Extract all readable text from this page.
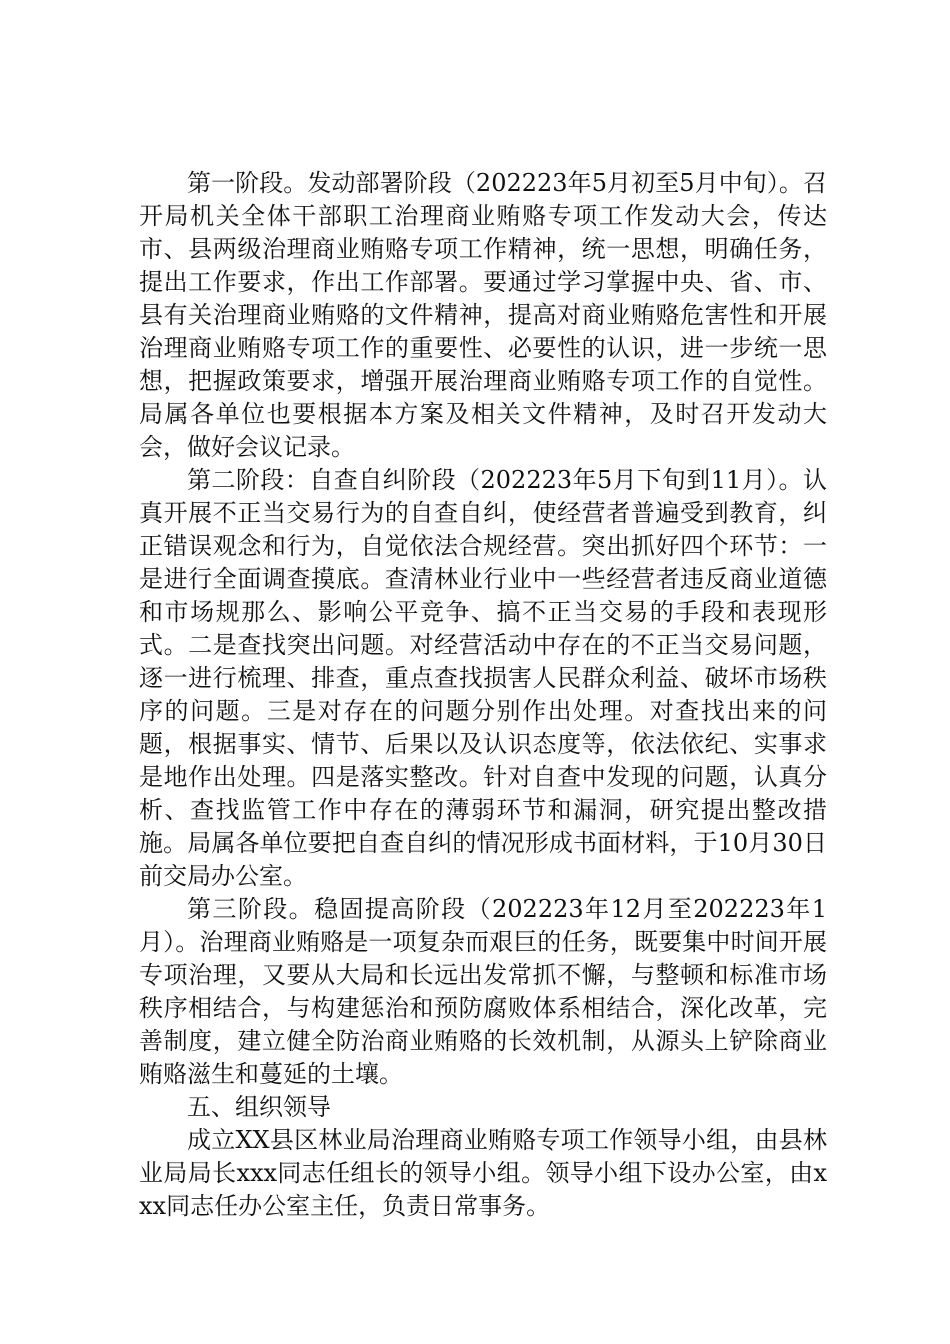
第一阶段。发动部署阶段（202223年5月初至5月中旬）。召开局机关全体干部职工治理商业贿赂专项工作发动大会，传达市、县两级治理商业贿赂专项工作精神，统一思想，明确任务，提出工作要求，作出工作部署。要通过学习掌握中央、省、市、县有关治理商业贿赂的文件精神，提高对商业贿赂危害性和开展治理商业贿赂专项工作的重要性、必要性的认识，进一步统一思想，把握政策要求，增强开展治理商业贿赂专项工作的自觉性。局属各单位也要根据本方案及相关文件精神，及时召开发动大会，做好会议记录。

第二阶段：自查自纠阶段（202223年5月下旬到11月）。认真开展不正当交易行为的自查自纠，使经营者普遍受到教育，纠正错误观念和行为，自觉依法合规经营。突出抓好四个环节：一是进行全面调查摸底。查清林业行业中一些经营者违反商业道德和市场规那么、影响公平竞争、搞不正当交易的手段和表现形式。二是查找突出问题。对经营活动中存在的不正当交易问题，逐一进行梳理、排查，重点查找损害人民群众利益、破坏市场秩序的问题。三是对存在的问题分别作出处理。对查找出来的问题，根据事实、情节、后果以及认识态度等，依法依纪、实事求是地作出处理。四是落实整改。针对自查中发现的问题，认真分析、查找监管工作中存在的薄弱环节和漏洞，研究提出整改措施。局属各单位要把自查自纠的情况形成书面材料，于10月30日前交局办公室。

第三阶段。稳固提高阶段（202223年12月至202223年1月）。治理商业贿赂是一项复杂而艰巨的任务，既要集中时间开展专项治理，又要从大局和长远出发常抓不懈，与整顿和标准市场秩序相结合，与构建惩治和预防腐败体系相结合，深化改革，完善制度，建立健全防治商业贿赂的长效机制，从源头上铲除商业贿赂滋生和蔓延的土壤。

五、组织领导

成立XX县区林业局治理商业贿赂专项工作领导小组，由县林业局局长xxx同志任组长的领导小组。领导小组下设办公室，由xxx同志任办公室主任，负责日常事务。
